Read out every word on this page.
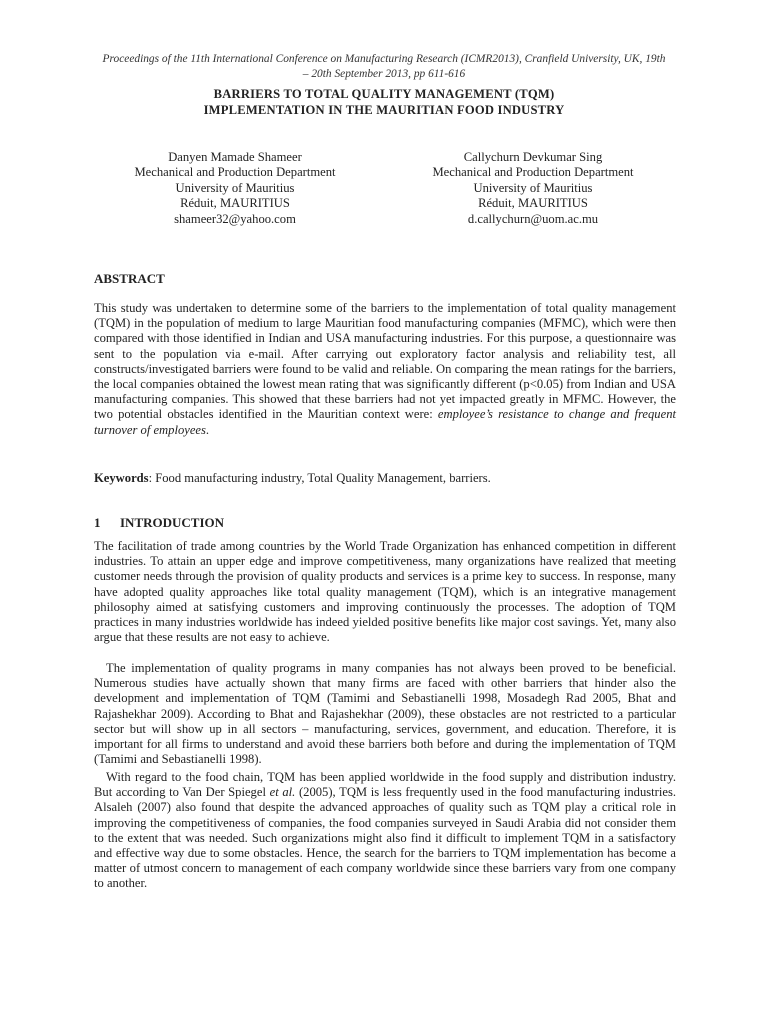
Proceedings of the 11th International Conference on Manufacturing Research (ICMR2013), Cranfield University, UK, 19th – 20th September 2013, pp 611-616
BARRIERS TO TOTAL QUALITY MANAGEMENT (TQM)
IMPLEMENTATION IN THE MAURITIAN FOOD INDUSTRY
Danyen Mamade Shameer
Mechanical and Production Department
University of Mauritius
Réduit, MAURITIUS
shameer32@yahoo.com
Callychurn Devkumar Sing
Mechanical and Production Department
University of Mauritius
Réduit, MAURITIUS
d.callychurn@uom.ac.mu
ABSTRACT

This study was undertaken to determine some of the barriers to the implementation of total quality management (TQM) in the population of medium to large Mauritian food manufacturing companies (MFMC), which were then compared with those identified in Indian and USA manufacturing industries. For this purpose, a questionnaire was sent to the population via e-mail. After carrying out exploratory factor analysis and reliability test, all constructs/investigated barriers were found to be valid and reliable. On comparing the mean ratings for the barriers, the local companies obtained the lowest mean rating that was significantly different (p<0.05) from Indian and USA manufacturing companies. This showed that these barriers had not yet impacted greatly in MFMC. However, the two potential obstacles identified in the Mauritian context were: employee’s resistance to change and frequent turnover of employees.

Keywords: Food manufacturing industry, Total Quality Management, barriers.

1 INTRODUCTION

The facilitation of trade among countries by the World Trade Organization has enhanced competition in different industries. To attain an upper edge and improve competitiveness, many organizations have realized that meeting customer needs through the provision of quality products and services is a prime key to success. In response, many have adopted quality approaches like total quality management (TQM), which is an integrative management philosophy aimed at satisfying customers and improving continuously the processes. The adoption of TQM practices in many industries worldwide has indeed yielded positive benefits like major cost savings. Yet, many also argue that these results are not easy to achieve.

The implementation of quality programs in many companies has not always been proved to be beneficial. Numerous studies have actually shown that many firms are faced with other barriers that hinder also the development and implementation of TQM (Tamimi and Sebastianelli 1998, Mosadegh Rad 2005, Bhat and Rajashekhar 2009). According to Bhat and Rajashekhar (2009), these obstacles are not restricted to a particular sector but will show up in all sectors – manufacturing, services, government, and education. Therefore, it is important for all firms to understand and avoid these barriers both before and during the implementation of TQM (Tamimi and Sebastianelli 1998).

With regard to the food chain, TQM has been applied worldwide in the food supply and distribution industry. But according to Van Der Spiegel et al. (2005), TQM is less frequently used in the food manufacturing industries. Alsaleh (2007) also found that despite the advanced approaches of quality such as TQM play a critical role in improving the competitiveness of companies, the food companies surveyed in Saudi Arabia did not consider them to the extent that was needed. Such organizations might also find it difficult to implement TQM in a satisfactory and effective way due to some obstacles. Hence, the search for the barriers to TQM implementation has become a matter of utmost concern to management of each company worldwide since these barriers vary from one company to another.
